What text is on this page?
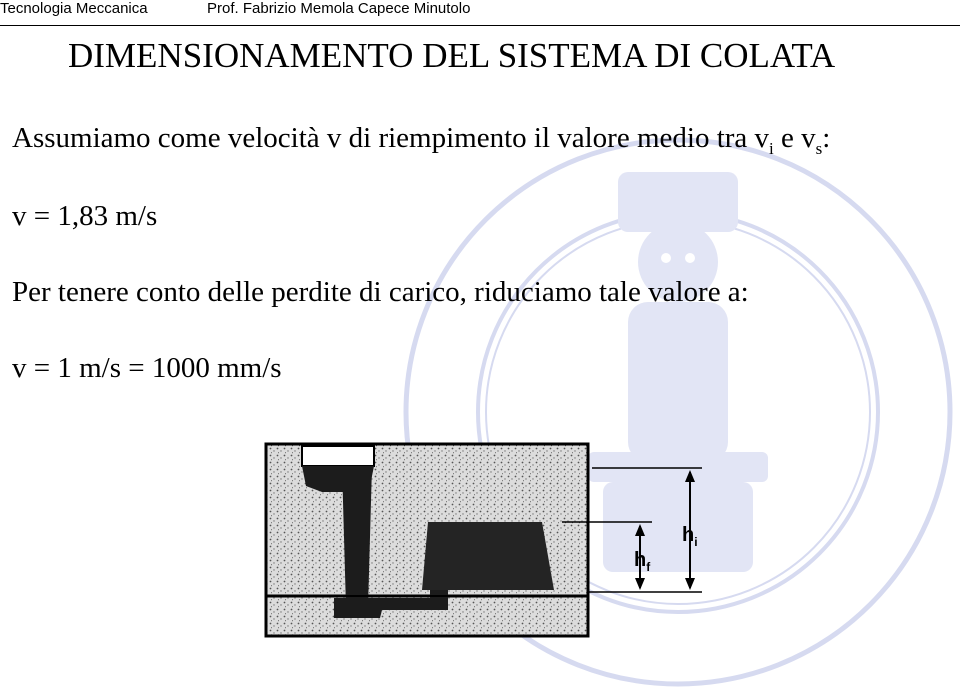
Tecnologia Meccanica	Prof. Fabrizio Memola Capece Minutolo
DIMENSIONAMENTO DEL SISTEMA DI COLATA
Assumiamo come velocità v di riempimento il valore medio tra $v_i$ e $v_s$:
v = 1,83 m/s
Per tenere conto delle perdite di carico, riduciamo tale valore a:
v = 1 m/s = 1000 mm/s
$h_i$
$h_f$
